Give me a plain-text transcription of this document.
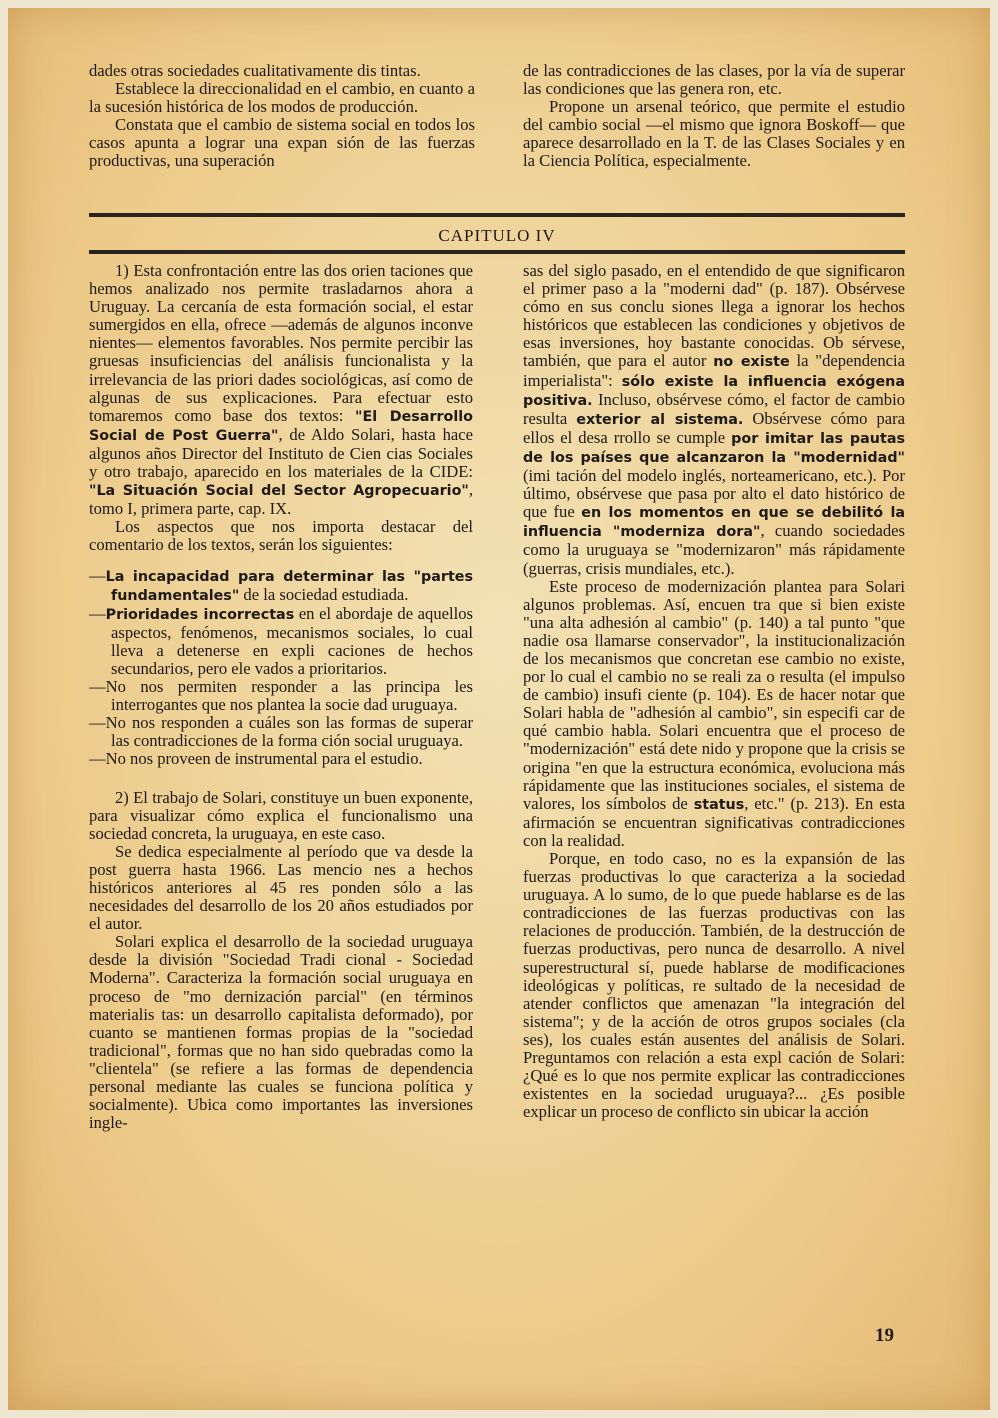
dades otras sociedades cualitativamente dis tintas.

Establece la direccionalidad en el cambio, en cuanto a la sucesión histórica de los modos de producción.

Constata que el cambio de sistema social en todos los casos apunta a lograr una expan sión de las fuerzas productivas, una superación

de las contradicciones de las clases, por la vía de superar las condiciones que las genera ron, etc.

Propone un arsenal teórico, que permite el estudio del cambio social —el mismo que ignora Boskoff— que aparece desarrollado en la T. de las Clases Sociales y en la Ciencia Política, especialmente.

CAPITULO IV

1) Esta confrontación entre las dos orien taciones que hemos analizado nos permite trasladarnos ahora a Uruguay. La cercanía de esta formación social, el estar sumergidos en ella, ofrece —además de algunos inconve nientes— elementos favorables. Nos permite percibir las gruesas insuficiencias del análisis funcionalista y la irrelevancia de las priori dades sociológicas, así como de algunas de sus explicaciones. Para efectuar esto tomaremos como base dos textos: "El Desarrollo Social de Post Guerra", de Aldo Solari, hasta hace algunos años Director del Instituto de Cien cias Sociales y otro trabajo, aparecido en los materiales de la CIDE: "La Situación Social del Sector Agropecuario", tomo I, primera parte, cap. IX.

Los aspectos que nos importa destacar del comentario de los textos, serán los siguientes:

—La incapacidad para determinar las "partes fundamentales" de la sociedad estudiada.
—Prioridades incorrectas en el abordaje de aquellos aspectos, fenómenos, mecanismos sociales, lo cual lleva a detenerse en expli caciones de hechos secundarios, pero ele vados a prioritarios.
—No nos permiten responder a las principa les interrogantes que nos plantea la socie dad uruguaya.
—No nos responden a cuáles son las formas de superar las contradicciones de la forma ción social uruguaya.
—No nos proveen de instrumental para el estudio.

2) El trabajo de Solari, constituye un buen exponente, para visualizar cómo explica el funcionalismo una sociedad concreta, la uruguaya, en este caso.

Se dedica especialmente al período que va desde la post guerra hasta 1966. Las mencio nes a hechos históricos anteriores al 45 res ponden sólo a las necesidades del desarrollo de los 20 años estudiados por el autor.

Solari explica el desarrollo de la sociedad uruguaya desde la división "Sociedad Tradi cional - Sociedad Moderna". Caracteriza la formación social uruguaya en proceso de "mo dernización parcial" (en términos materialis tas: un desarrollo capitalista deformado), por cuanto se mantienen formas propias de la "sociedad tradicional", formas que no han sido quebradas como la "clientela" (se refiere a las formas de dependencia personal mediante las cuales se funciona política y socialmente). Ubica como importantes las inversiones ingle-

sas del siglo pasado, en el entendido de que significaron el primer paso a la "moderni dad" (p. 187). Obsérvese cómo en sus conclu siones llega a ignorar los hechos históricos que establecen las condiciones y objetivos de esas inversiones, hoy bastante conocidas. Ob sérvese, también, que para el autor no existe la "dependencia imperialista": sólo existe la influencia exógena positiva. Incluso, obsérvese cómo, el factor de cambio resulta exterior al sistema. Obsérvese cómo para ellos el desa rrollo se cumple por imitar las pautas de los países que alcanzaron la "modernidad" (imi tación del modelo inglés, norteamericano, etc.). Por último, obsérvese que pasa por alto el dato histórico de que fue en los momentos en que se debilitó la influencia "moderniza dora", cuando sociedades como la uruguaya se "modernizaron" más rápidamente (guerras, crisis mundiales, etc.).

Este proceso de modernización plantea para Solari algunos problemas. Así, encuen tra que si bien existe "una alta adhesión al cambio" (p. 140) a tal punto "que nadie osa llamarse conservador", la institucionalización de los mecanismos que concretan ese cambio no existe, por lo cual el cambio no se reali za o resulta (el impulso de cambio) insufi ciente (p. 104). Es de hacer notar que Solari habla de "adhesión al cambio", sin especifi car de qué cambio habla. Solari encuentra que el proceso de "modernización" está dete nido y propone que la crisis se origina "en que la estructura económica, evoluciona más rápidamente que las instituciones sociales, el sistema de valores, los símbolos de status, etc." (p. 213). En esta afirmación se encuentran significativas contradicciones con la realidad.

Porque, en todo caso, no es la expansión de las fuerzas productivas lo que caracteriza a la sociedad uruguaya. A lo sumo, de lo que puede hablarse es de las contradicciones de las fuerzas productivas con las relaciones de producción. También, de la destrucción de fuerzas productivas, pero nunca de desarrollo. A nivel superestructural sí, puede hablarse de modificaciones ideológicas y políticas, re sultado de la necesidad de atender conflictos que amenazan "la integración del sistema"; y de la acción de otros grupos sociales (cla ses), los cuales están ausentes del análisis de Solari. Preguntamos con relación a esta expl cación de Solari: ¿Qué es lo que nos permite explicar las contradicciones existentes en la sociedad uruguaya?... ¿Es posible explicar un proceso de conflicto sin ubicar la acción

19
